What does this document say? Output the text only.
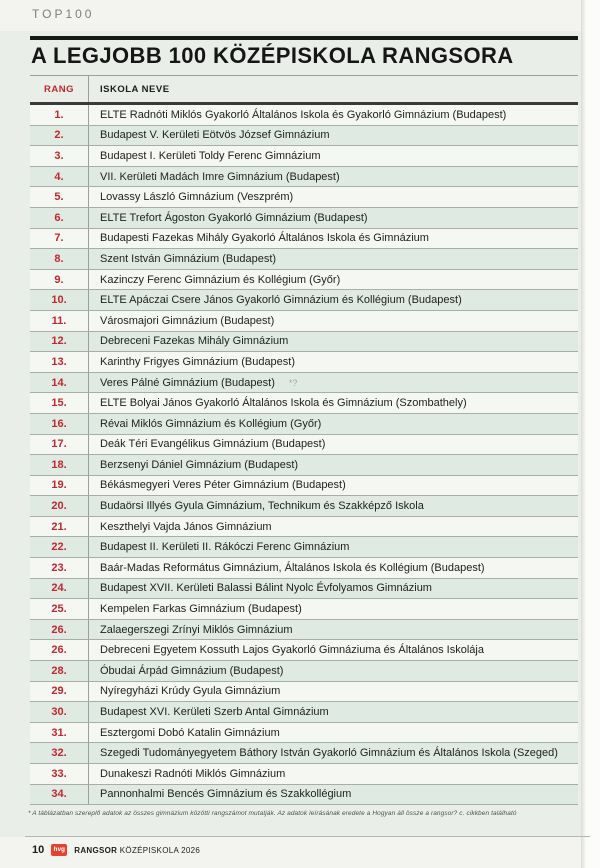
TOP100
A LEGJOBB 100 KÖZÉPISKOLA RANGSORA
RANG	ISKOLA NEVE
1.	ELTE Radnóti Miklós Gyakorló Általános Iskola és Gyakorló Gimnázium (Budapest)
2.	Budapest V. Kerületi Eötvös József Gimnázium
3.	Budapest I. Kerületi Toldy Ferenc Gimnázium
4.	VII. Kerületi Madách Imre Gimnázium (Budapest)
5.	Lovassy László Gimnázium (Veszprém)
6.	ELTE Trefort Ágoston Gyakorló Gimnázium (Budapest)
7.	Budapesti Fazekas Mihály Gyakorló Általános Iskola és Gimnázium
8.	Szent István Gimnázium (Budapest)
9.	Kazinczy Ferenc Gimnázium és Kollégium (Győr)
10.	ELTE Apáczai Csere János Gyakorló Gimnázium és Kollégium (Budapest)
11.	Városmajori Gimnázium (Budapest)
12.	Debreceni Fazekas Mihály Gimnázium
13.	Karinthy Frigyes Gimnázium (Budapest)
14.	Veres Pálné Gimnázium (Budapest) *?
15.	ELTE Bolyai János Gyakorló Általános Iskola és Gimnázium (Szombathely)
16.	Révai Miklós Gimnázium és Kollégium (Győr)
17.	Deák Téri Evangélikus Gimnázium (Budapest)
18.	Berzsenyi Dániel Gimnázium (Budapest)
19.	Békásmegyeri Veres Péter Gimnázium (Budapest)
20.	Budaörsi Illyés Gyula Gimnázium, Technikum és Szakképző Iskola
21.	Keszthelyi Vajda János Gimnázium
22.	Budapest II. Kerületi II. Rákóczi Ferenc Gimnázium
23.	Baár-Madas Református Gimnázium, Általános Iskola és Kollégium (Budapest)
24.	Budapest XVII. Kerületi Balassi Bálint Nyolc Évfolyamos Gimnázium
25.	Kempelen Farkas Gimnázium (Budapest)
26.	Zalaegerszegi Zrínyi Miklós Gimnázium
26.	Debreceni Egyetem Kossuth Lajos Gyakorló Gimnáziuma és Általános Iskolája
28.	Óbudai Árpád Gimnázium (Budapest)
29.	Nyíregyházi Krúdy Gyula Gimnázium
30.	Budapest XVI. Kerületi Szerb Antal Gimnázium
31.	Esztergomi Dobó Katalin Gimnázium
32.	Szegedi Tudományegyetem Báthory István Gyakorló Gimnázium és Általános Iskola (Szeged)
33.	Dunakeszi Radnóti Miklós Gimnázium
34.	Pannonhalmi Bencés Gimnázium és Szakkollégium
* A táblázatban szereplő adatok az összes gimnázium közötti rangszámot mutatják. Az adatok leírásának eredete a Hogyan áll össze a rangsor? c. cikkben található
10	hvg RANGSOR KÖZÉPISKOLA 2026
